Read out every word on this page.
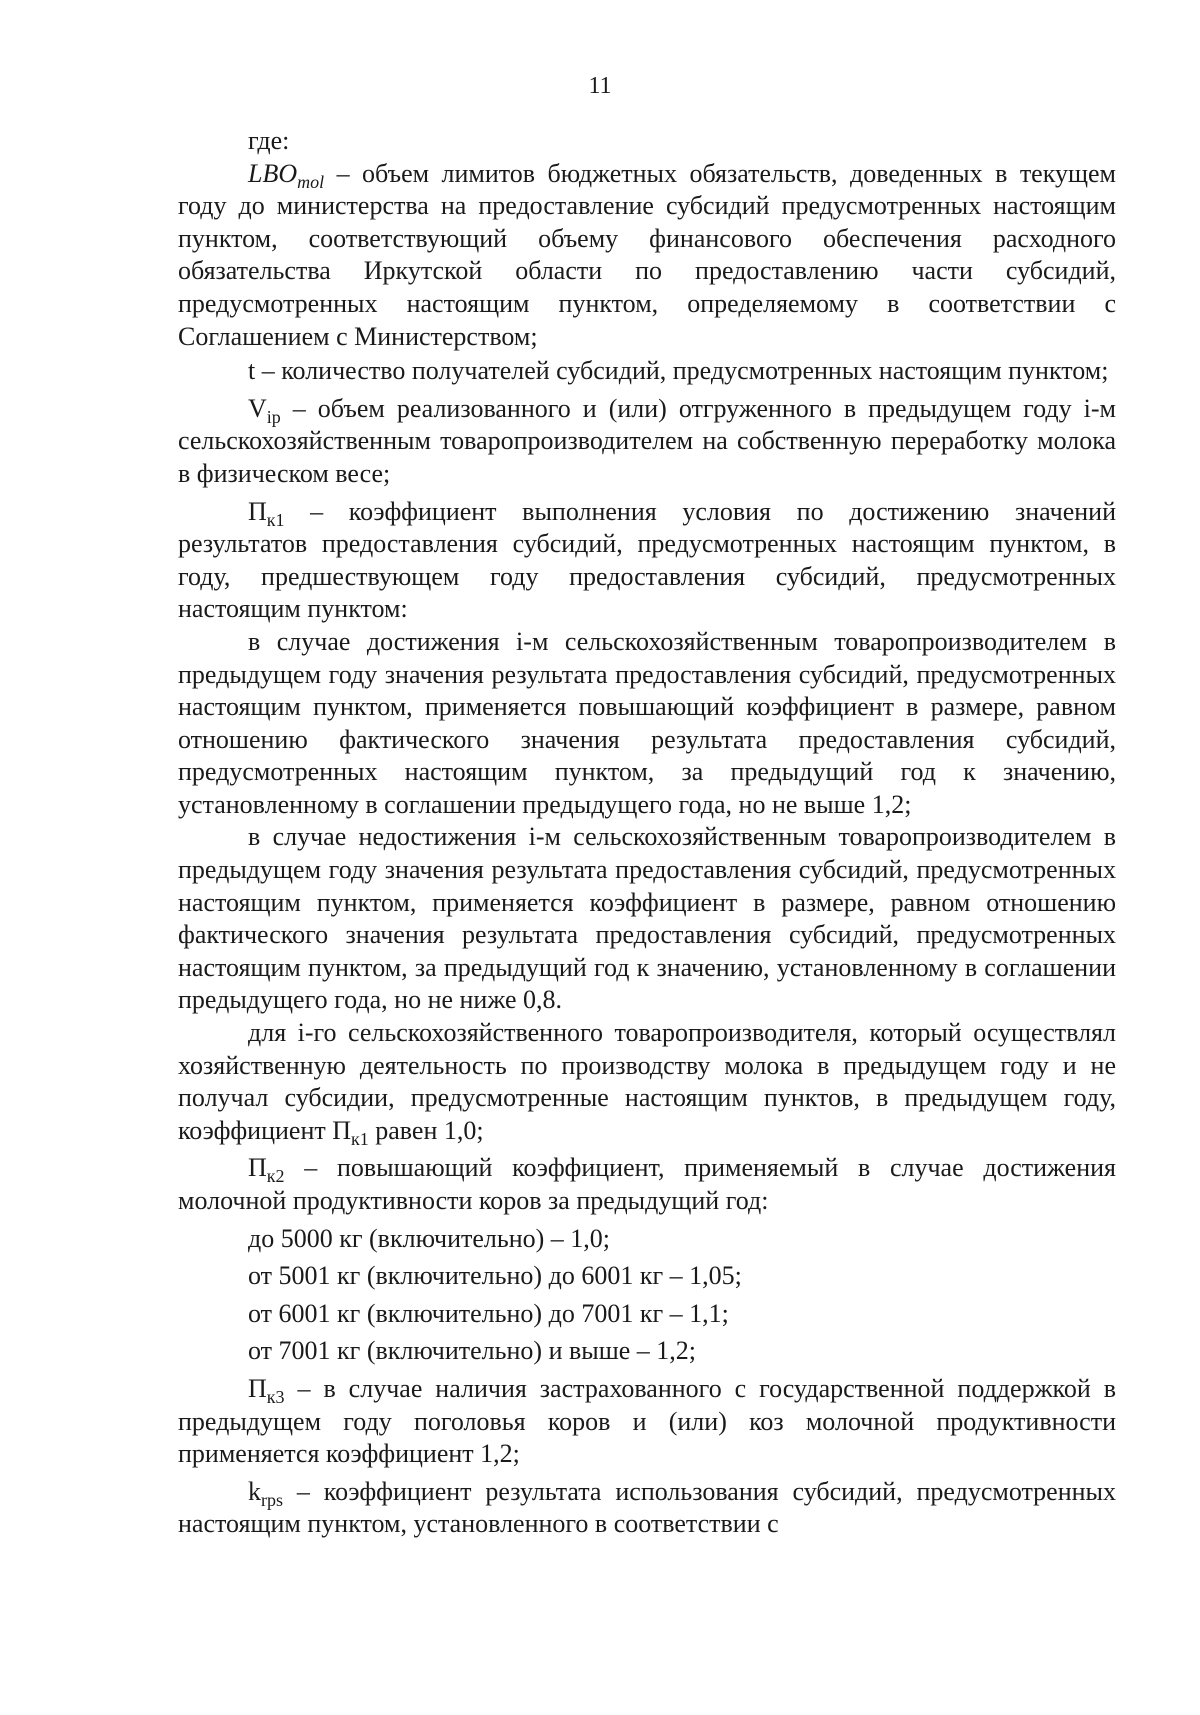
11

где:

$LBO_{mol}$ – объем лимитов бюджетных обязательств, доведенных в текущем году до министерства на предоставление субсидий предусмотренных настоящим пунктом, соответствующий объему финансового обеспечения расходного обязательства Иркутской области по предоставлению части субсидий, предусмотренных настоящим пунктом, определяемому в соответствии с Соглашением с Министерством;

t – количество получателей субсидий, предусмотренных настоящим пунктом;

$V_{ip}$ – объем реализованного и (или) отгруженного в предыдущем году i-м сельскохозяйственным товаропроизводителем на собственную переработку молока в физическом весе;

$П_{к1}$ – коэффициент выполнения условия по достижению значений результатов предоставления субсидий, предусмотренных настоящим пунктом, в году, предшествующем году предоставления субсидий, предусмотренных настоящим пунктом:

в случае достижения i-м сельскохозяйственным товаропроизводителем в предыдущем году значения результата предоставления субсидий, предусмотренных настоящим пунктом, применяется повышающий коэффициент в размере, равном отношению фактического значения результата предоставления субсидий, предусмотренных настоящим пунктом, за предыдущий год к значению, установленному в соглашении предыдущего года, но не выше 1,2;

в случае недостижения i-м сельскохозяйственным товаропроизводителем в предыдущем году значения результата предоставления субсидий, предусмотренных настоящим пунктом, применяется коэффициент в размере, равном отношению фактического значения результата предоставления субсидий, предусмотренных настоящим пунктом, за предыдущий год к значению, установленному в соглашении предыдущего года, но не ниже 0,8.

для i-го сельскохозяйственного товаропроизводителя, который осуществлял хозяйственную деятельность по производству молока в предыдущем году и не получал субсидии, предусмотренные настоящим пунктов, в предыдущем году, коэффициент $П_{к1}$ равен 1,0;

$П_{к2}$ – повышающий коэффициент, применяемый в случае достижения молочной продуктивности коров за предыдущий год:

до 5000 кг (включительно) – 1,0;
от 5001 кг (включительно) до 6001 кг – 1,05;
от 6001 кг (включительно) до 7001 кг – 1,1;
от 7001 кг (включительно) и выше – 1,2;

$П_{к3}$ – в случае наличия застрахованного с государственной поддержкой в предыдущем году поголовья коров и (или) коз молочной продуктивности применяется коэффициент 1,2;

$k_{rps}$ – коэффициент результата использования субсидий, предусмотренных настоящим пунктом, установленного в соответствии с
